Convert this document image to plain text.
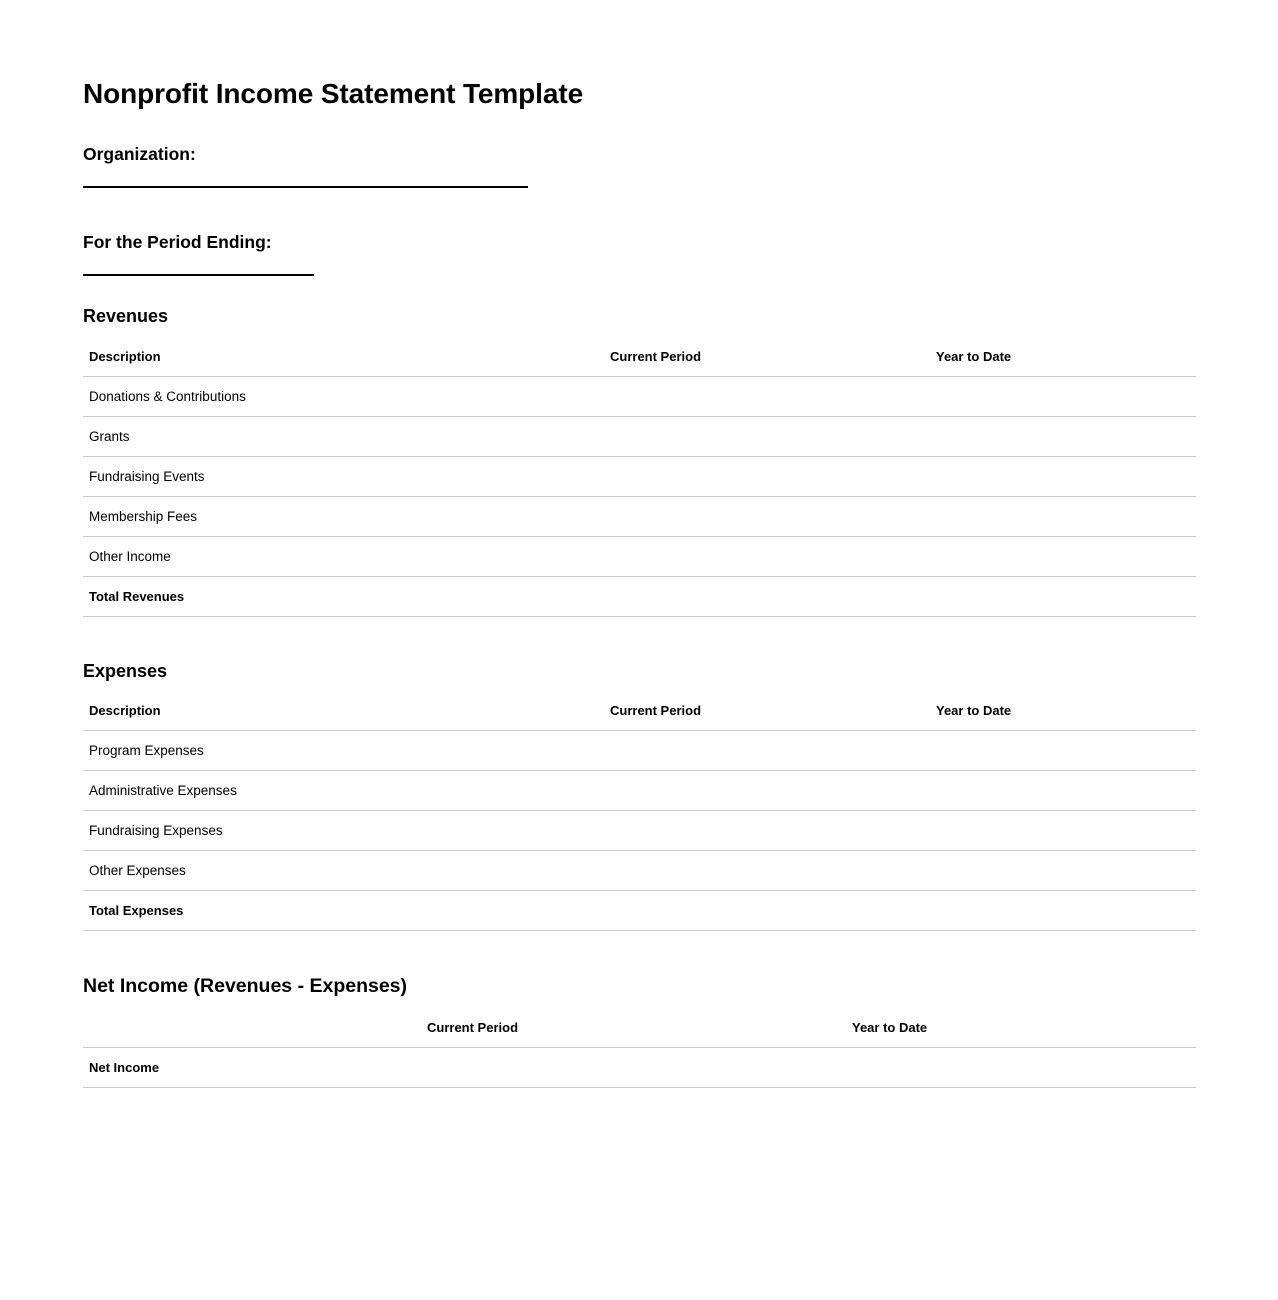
Nonprofit Income Statement Template
Organization:
For the Period Ending:
Revenues
Description	Current Period	Year to Date
Donations & Contributions		
Grants		
Fundraising Events		
Membership Fees		
Other Income		
Total Revenues		
Expenses
Description	Current Period	Year to Date
Program Expenses		
Administrative Expenses		
Fundraising Expenses		
Other Expenses		
Total Expenses		
Net Income (Revenues - Expenses)
	Current Period	Year to Date
Net Income		
